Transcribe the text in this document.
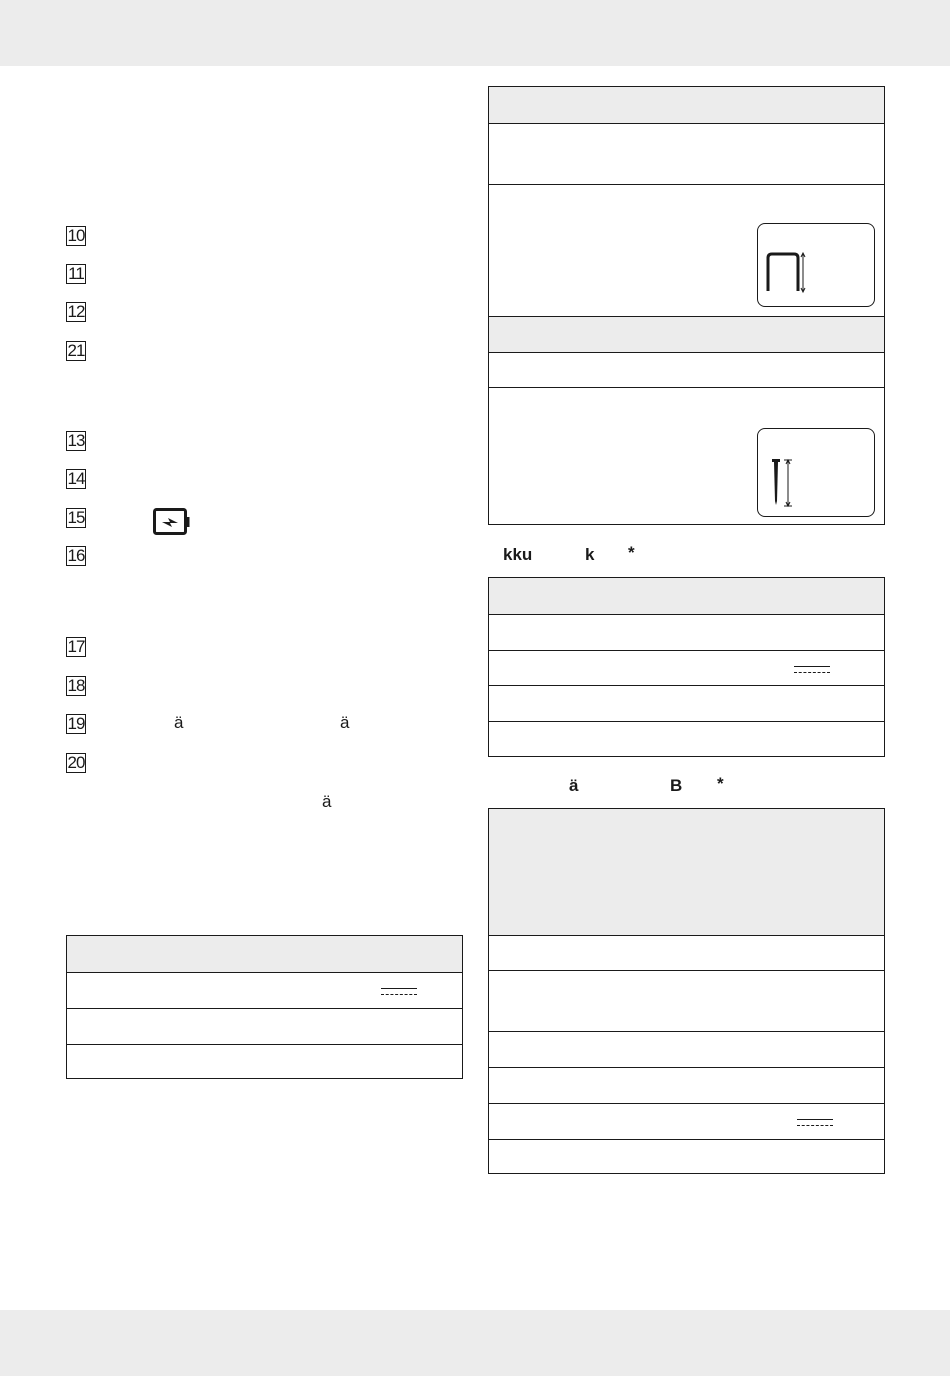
10
11
12
21
13
14
15
16
17
18
19	ä	ä
20
ä
kku	k *
ä	B *
